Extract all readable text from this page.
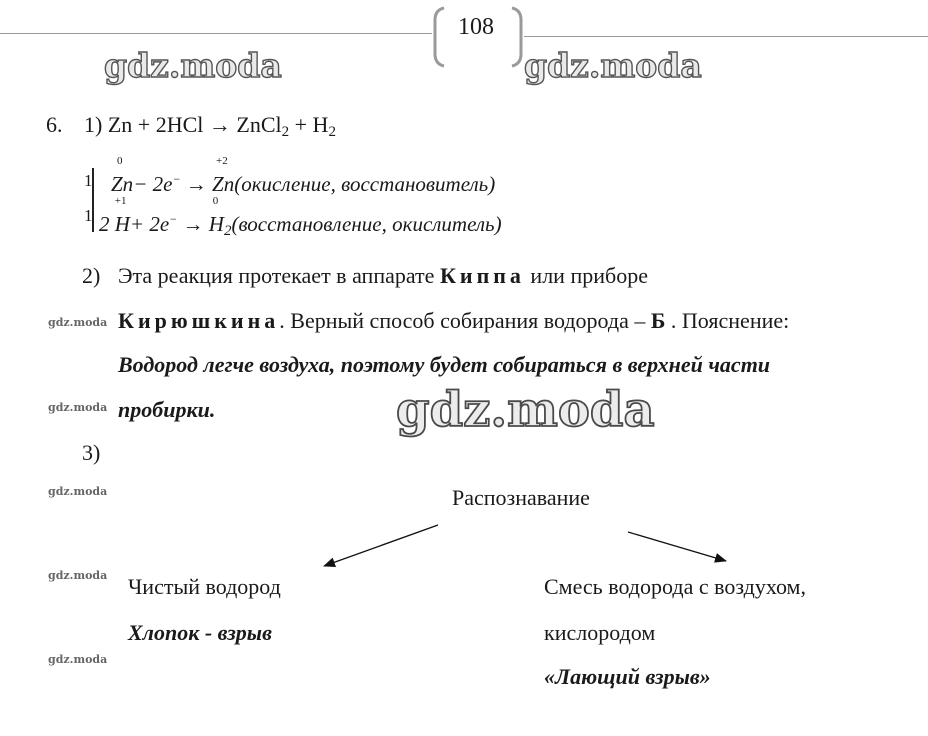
108
gdz.moda	gdz.moda
gdz.moda
gdz.moda
gdz.moda
gdz.moda
gdz.moda
gdz.moda
6. 1) Zn + 2HCl → ZnCl$_2$ + $H_2$
1
1
0
Zn− 2e− →
+2
Zn(окисление, восстановитель)
2
+1
H+ 2e− →
0
$H_2(восстановление$, окислитель)
2) Эта реакция протекает в аппарате Киппа или приборе
Кирюшкина. Верный способ собирания водорода – Б . Пояснение:
Водород легче воздуха, поэтому будет собираться в верхней части
пробирки.
3)
Распознавание
Чистый водород
Хлопок - взрыв
Смесь водорода с воздухом,
кислородом
«Лающий взрыв»
